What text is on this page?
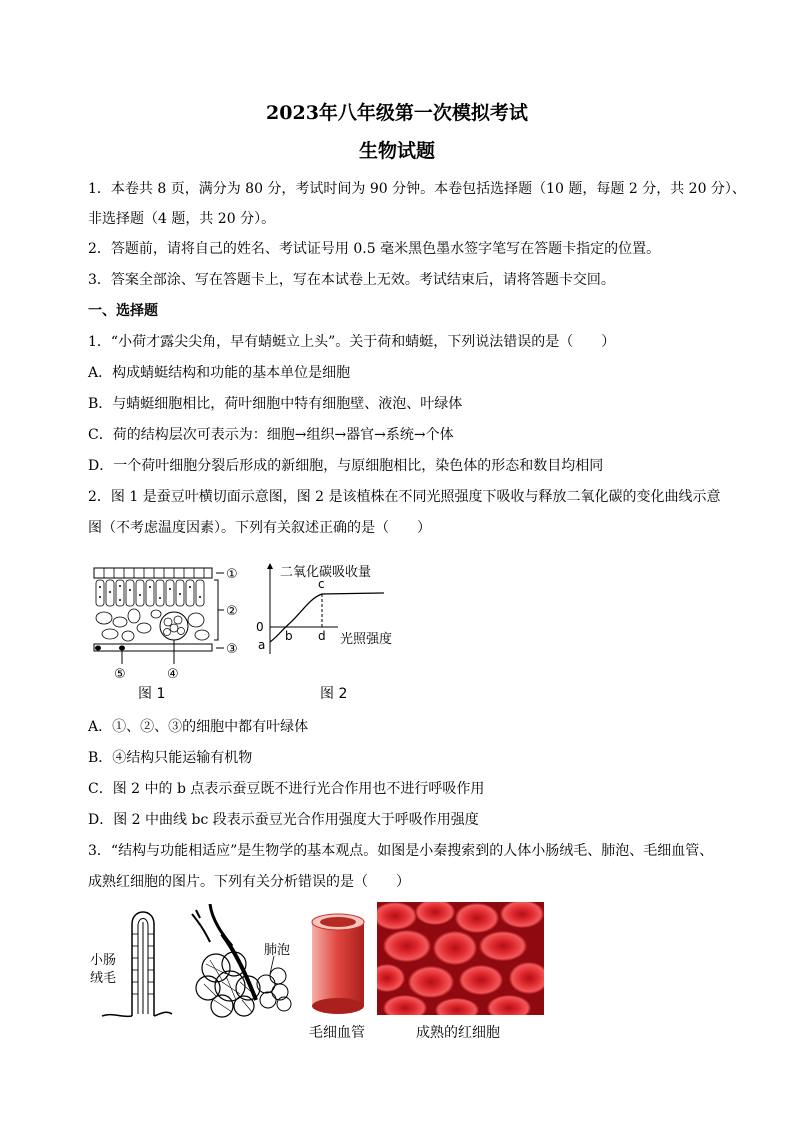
2023年八年级第一次模拟考试
生物试题
1．本卷共 8 页，满分为 80 分，考试时间为 90 分钟。本卷包括选择题（10 题，每题 2 分，共 20 分）、
非选择题（4 题，共 20 分）。
2．答题前，请将自己的姓名、考试证号用 0.5 毫米黑色墨水签字笔写在答题卡指定的位置。
3．答案全部涂、写在答题卡上，写在本试卷上无效。考试结束后，请将答题卡交回。
一、选择题
1．“小荷才露尖尖角，早有蜻蜓立上头”。关于荷和蜻蜓，下列说法错误的是（　　）
A．构成蜻蜓结构和功能的基本单位是细胞
B．与蜻蜓细胞相比，荷叶细胞中特有细胞壁、液泡、叶绿体
C．荷的结构层次可表示为：细胞→组织→器官→系统→个体
D．一个荷叶细胞分裂后形成的新细胞，与原细胞相比，染色体的形态和数目均相同
2．图 1 是蚕豆叶横切面示意图，图 2 是该植株在不同光照强度下吸收与释放二氧化碳的变化曲线示意
图（不考虑温度因素）。下列有关叙述正确的是（　　）
①
②
③
④
⑤
图 1
二氧化碳吸收量
光照强度
0
a
b
c
d
图 2
A．①、②、③的细胞中都有叶绿体
B．④结构只能运输有机物
C．图 2 中的 b 点表示蚕豆既不进行光合作用也不进行呼吸作用
D．图 2 中曲线 bc 段表示蚕豆光合作用强度大于呼吸作用强度
3．“结构与功能相适应”是生物学的基本观点。如图是小秦搜索到的人体小肠绒毛、肺泡、毛细血管、
成熟红细胞的图片。下列有关分析错误的是（　　）
小肠
绒毛
肺泡
毛细血管	成熟的红细胞
